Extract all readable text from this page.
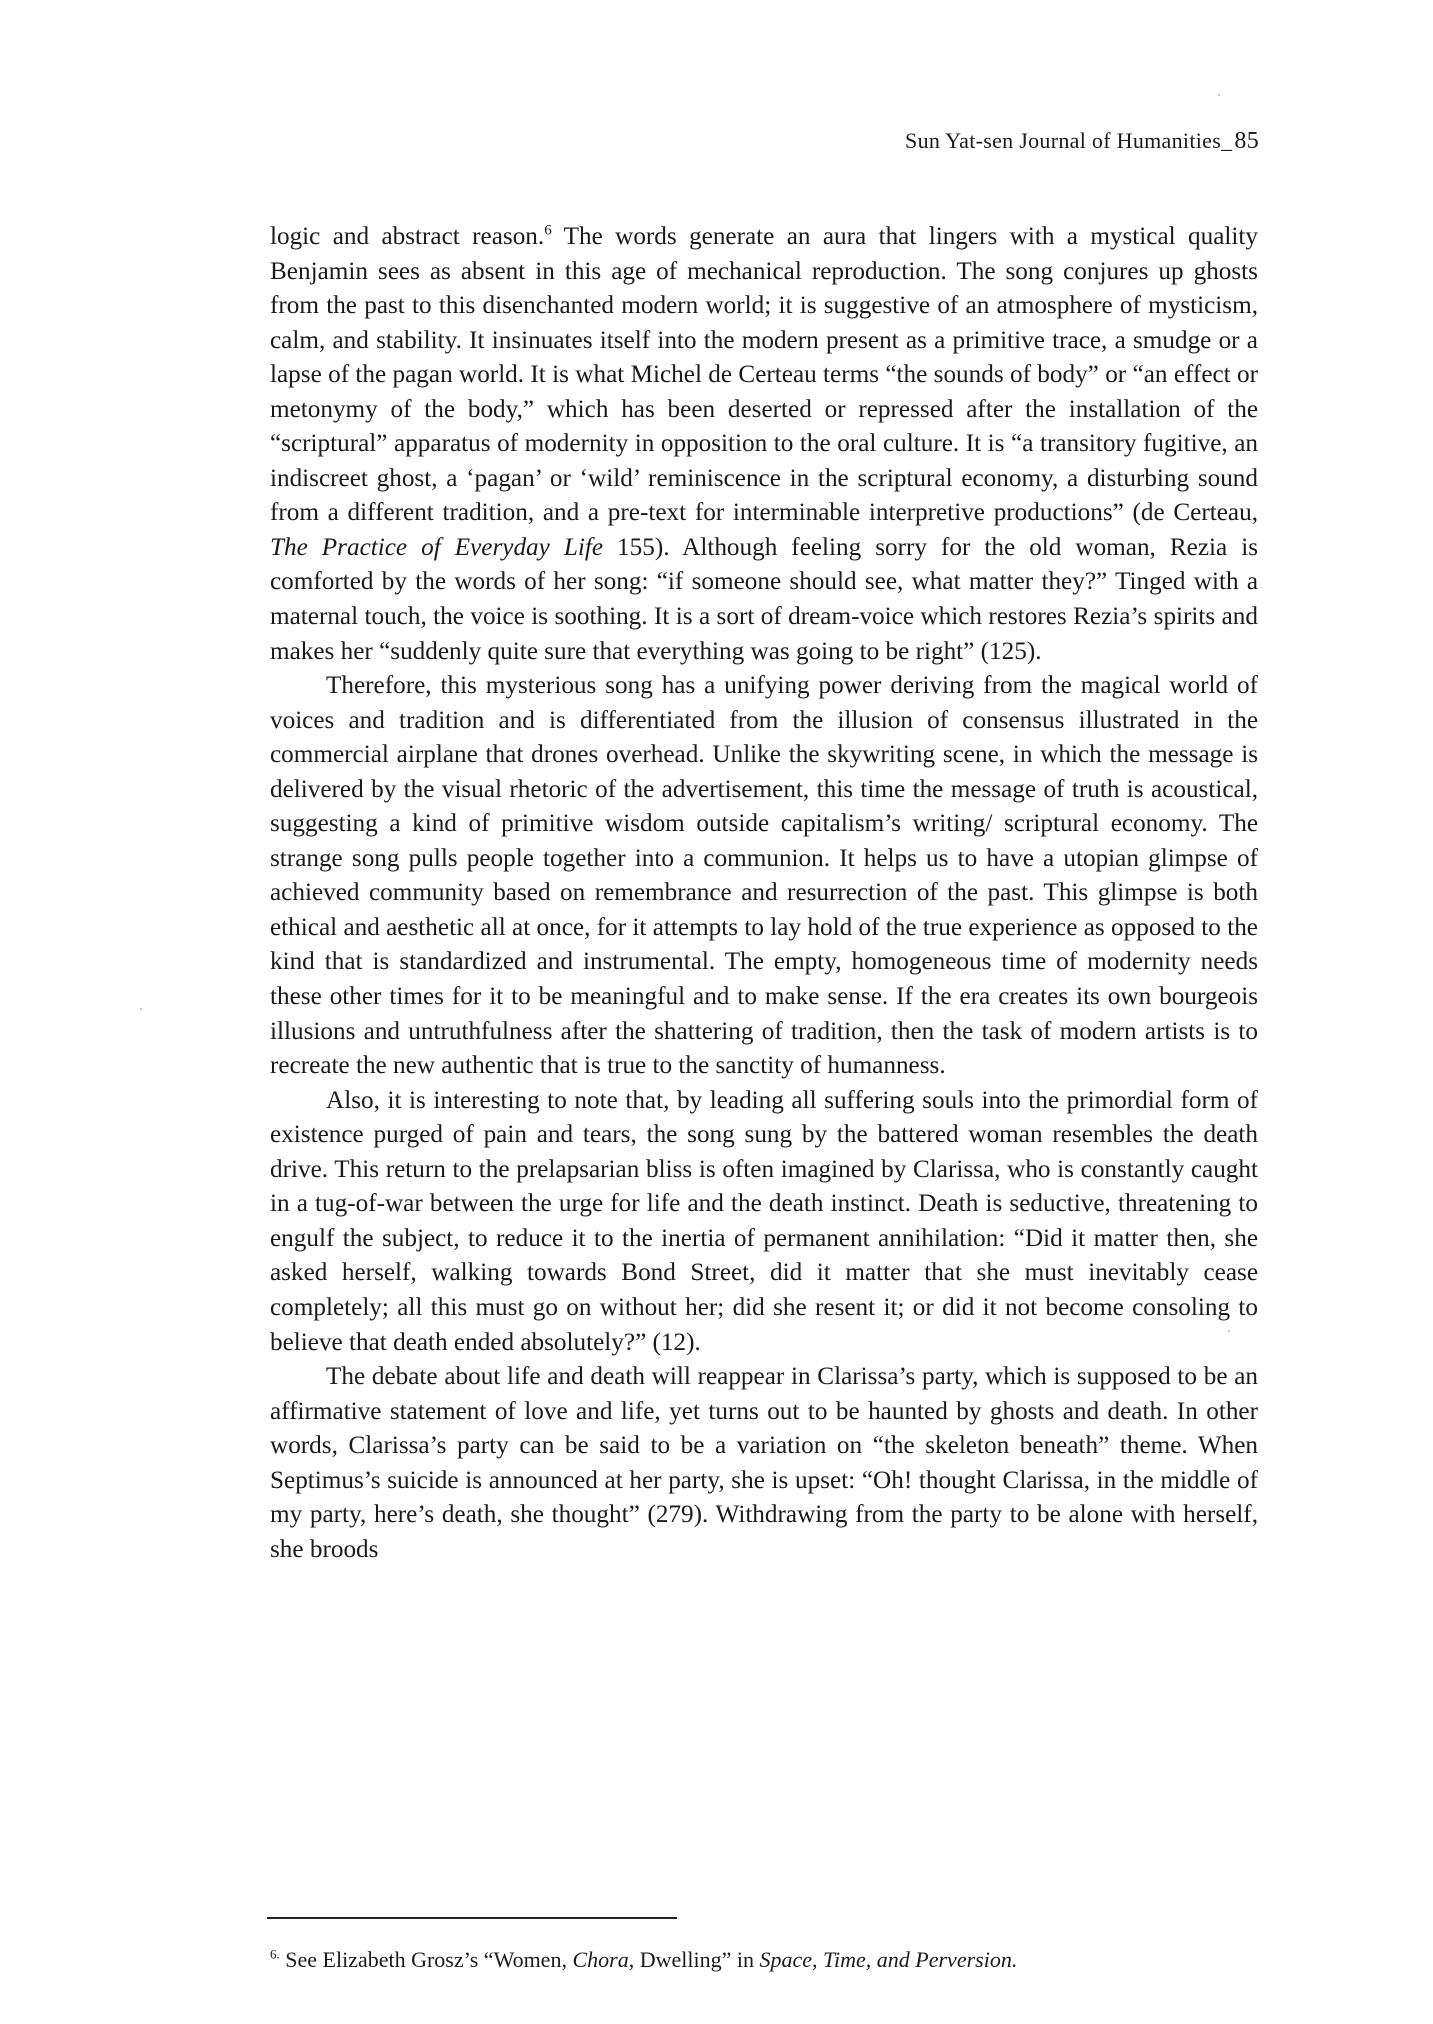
Sun Yat-sen Journal of Humanities_85

logic and abstract reason.$^6$ The words generate an aura that lingers with a mystical quality Benjamin sees as absent in this age of mechanical reproduction. The song conjures up ghosts from the past to this disenchanted modern world; it is suggestive of an atmosphere of mysticism, calm, and stability. It insinuates itself into the modern present as a primitive trace, a smudge or a lapse of the pagan world. It is what Michel de Certeau terms “the sounds of body” or “an effect or metonymy of the body,” which has been deserted or repressed after the installation of the “scriptural” apparatus of modernity in opposition to the oral culture. It is “a transitory fugitive, an indiscreet ghost, a ‘pagan’ or ‘wild’ reminiscence in the scriptural economy, a disturbing sound from a different tradition, and a pre-text for interminable interpretive productions” (de Certeau, The Practice of Everyday Life 155). Although feeling sorry for the old woman, Rezia is comforted by the words of her song: “if someone should see, what matter they?” Tinged with a maternal touch, the voice is soothing. It is a sort of dream-voice which restores Rezia’s spirits and makes her “suddenly quite sure that everything was going to be right” (125).

Therefore, this mysterious song has a unifying power deriving from the magical world of voices and tradition and is differentiated from the illusion of consensus illustrated in the commercial airplane that drones overhead. Unlike the skywriting scene, in which the message is delivered by the visual rhetoric of the advertisement, this time the message of truth is acoustical, suggesting a kind of primitive wisdom outside capitalism’s writing/ scriptural economy. The strange song pulls people together into a communion. It helps us to have a utopian glimpse of achieved community based on remembrance and resurrection of the past. This glimpse is both ethical and aesthetic all at once, for it attempts to lay hold of the true experience as opposed to the kind that is standardized and instrumental. The empty, homogeneous time of modernity needs these other times for it to be meaningful and to make sense. If the era creates its own bourgeois illusions and untruthfulness after the shattering of tradition, then the task of modern artists is to recreate the new authentic that is true to the sanctity of humanness.

Also, it is interesting to note that, by leading all suffering souls into the primordial form of existence purged of pain and tears, the song sung by the battered woman resembles the death drive. This return to the prelapsarian bliss is often imagined by Clarissa, who is constantly caught in a tug-of-war between the urge for life and the death instinct. Death is seductive, threatening to engulf the subject, to reduce it to the inertia of permanent annihilation: “Did it matter then, she asked herself, walking towards Bond Street, did it matter that she must inevitably cease completely; all this must go on without her; did she resent it; or did it not become consoling to believe that death ended absolutely?” (12).

The debate about life and death will reappear in Clarissa’s party, which is supposed to be an affirmative statement of love and life, yet turns out to be haunted by ghosts and death. In other words, Clarissa’s party can be said to be a variation on “the skeleton beneath” theme. When Septimus’s suicide is announced at her party, she is upset: “Oh! thought Clarissa, in the middle of my party, here’s death, she thought” (279). Withdrawing from the party to be alone with herself, she broods

$^{6.}$ See Elizabeth Grosz’s “Women, Chora, Dwelling” in Space, Time, and Perversion.
